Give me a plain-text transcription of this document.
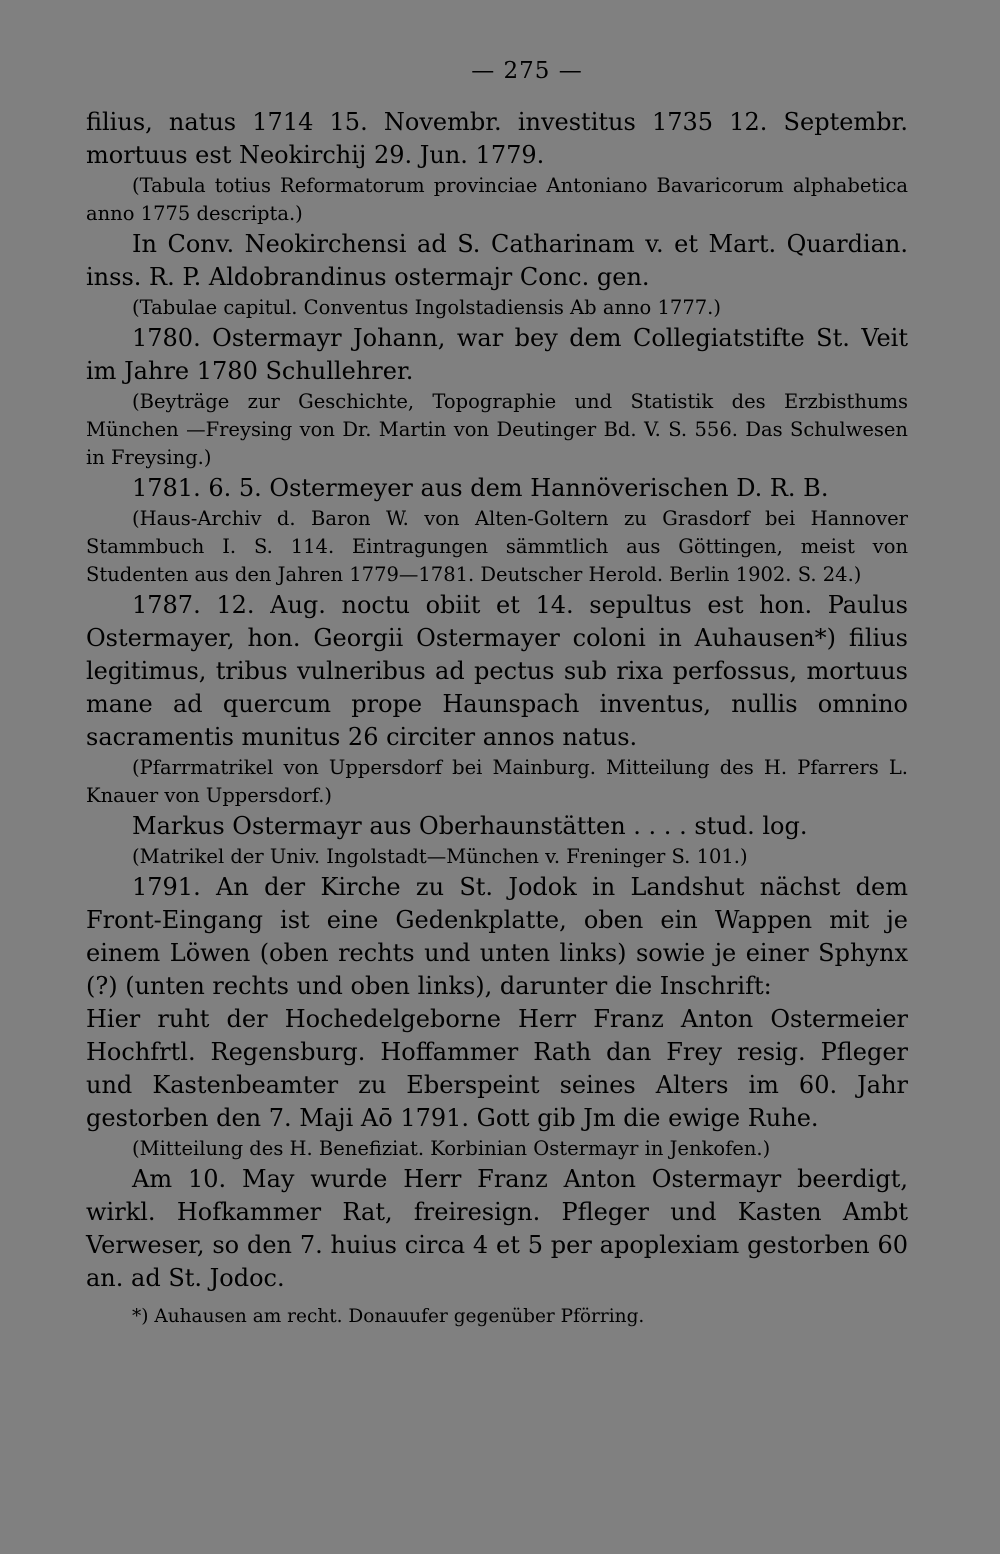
— 275 —

filius, natus 1714 15. Novembr. investitus 1735 12. Septembr. mortuus est Neokirchij 29. Jun. 1779.

(Tabula totius Reformatorum provinciae Antoniano Bavaricorum alphabetica anno 1775 descripta.)

In Conv. Neokirchensi ad S. Catharinam v. et Mart. Quardian. inss. R. P. Aldobrandinus ostermajr Conc. gen.

(Tabulae capitul. Conventus Ingolstadiensis Ab anno 1777.)

1780. Ostermayr Johann, war bey dem Collegiatstifte St. Veit im Jahre 1780 Schullehrer.

(Beyträge zur Geschichte, Topographie und Statistik des Erzbisthums München —Freysing von Dr. Martin von Deutinger Bd. V. S. 556. Das Schulwesen in Freysing.)

1781. 6. 5. Ostermeyer aus dem Hannöverischen D. R. B.

(Haus-Archiv d. Baron W. von Alten-Goltern zu Grasdorf bei Hannover Stammbuch I. S. 114. Eintragungen sämmtlich aus Göttingen, meist von Studenten aus den Jahren 1779—1781. Deutscher Herold. Berlin 1902. S. 24.)

1787. 12. Aug. noctu obiit et 14. sepultus est hon. Paulus Ostermayer, hon. Georgii Ostermayer coloni in Auhausen*) filius legitimus, tribus vulneribus ad pectus sub rixa perfossus, mortuus mane ad quercum prope Haunspach inventus, nullis omnino sacramentis munitus 26 circiter annos natus.

(Pfarrmatrikel von Uppersdorf bei Mainburg. Mitteilung des H. Pfarrers L. Knauer von Uppersdorf.)

Markus Ostermayr aus Oberhaunstätten . . . . stud. log.

(Matrikel der Univ. Ingolstadt—München v. Freninger S. 101.)

1791. An der Kirche zu St. Jodok in Landshut nächst dem Front-Eingang ist eine Gedenkplatte, oben ein Wappen mit je einem Löwen (oben rechts und unten links) sowie je einer Sphynx (?) (unten rechts und oben links), darunter die Inschrift:

Hier ruht der Hochedelgeborne Herr Franz Anton Ostermeier Hochfrtl. Regensburg. Hoffammer Rath dan Frey resig. Pfleger und Kastenbeamter zu Eberspeint seines Alters im 60. Jahr gestorben den 7. Maji Aō 1791. Gott gib Jm die ewige Ruhe.

(Mitteilung des H. Benefiziat. Korbinian Ostermayr in Jenkofen.)

Am 10. May wurde Herr Franz Anton Ostermayr beerdigt, wirkl. Hofkammer Rat, freiresign. Pfleger und Kasten Ambt Verweser, so den 7. huius circa 4 et 5 per apoplexiam gestorben 60 an. ad St. Jodoc.

*) Auhausen am recht. Donauufer gegenüber Pförring.
